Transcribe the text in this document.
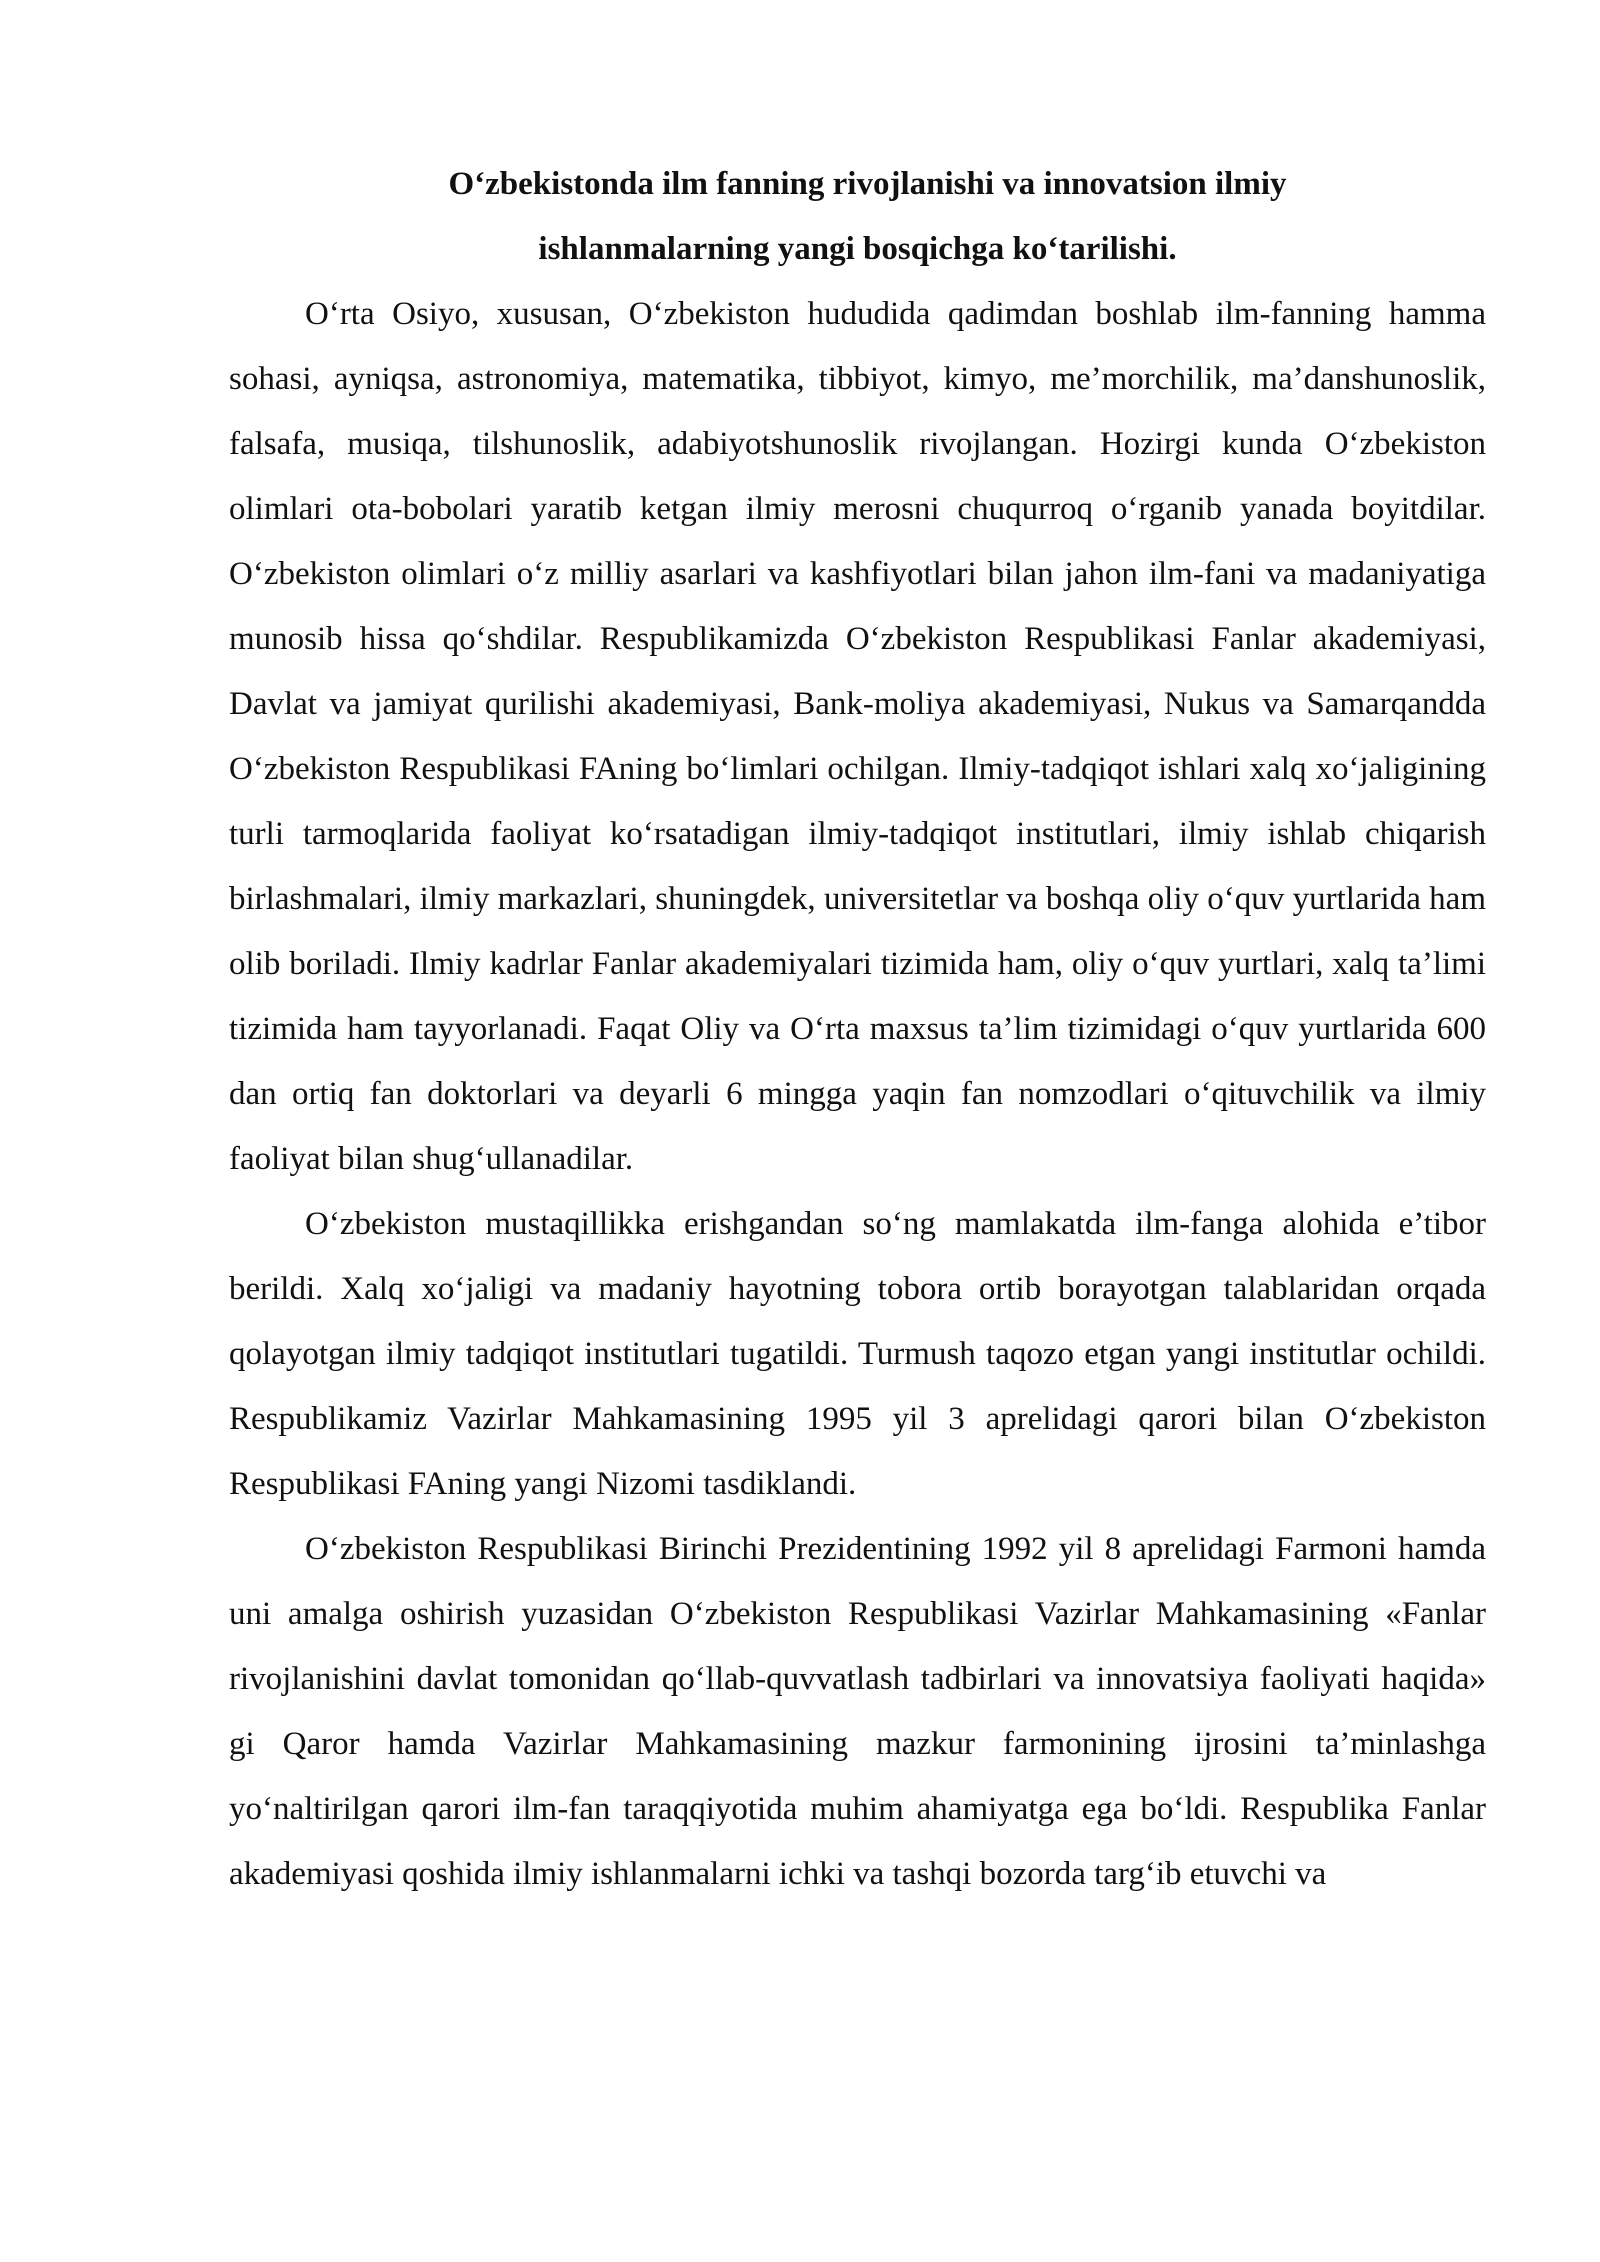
O‘zbekistonda ilm fanning rivojlanishi va innovatsion ilmiy
ishlanmalarning yangi bosqichga ko‘tarilishi.

O‘rta Osiyo, xususan, O‘zbekiston hududida qadimdan boshlab ilm-fanning hamma sohasi, ayniqsa, astronomiya, matematika, tibbiyot, kimyo, me’morchilik, ma’danshunoslik, falsafa, musiqa, tilshunoslik, adabiyotshunoslik rivojlangan. Hozirgi kunda O‘zbekiston olimlari ota-bobolari yaratib ketgan ilmiy merosni chuqurroq o‘rganib yanada boyitdilar. O‘zbekiston olimlari o‘z milliy asarlari va kashfiyotlari bilan jahon ilm-fani va madaniyatiga munosib hissa qo‘shdilar. Respublikamizda O‘zbekiston Respublikasi Fanlar akademiyasi, Davlat va jamiyat qurilishi akademiyasi, Bank-moliya akademiyasi, Nukus va Samarqandda O‘zbekiston Respublikasi FAning bo‘limlari ochilgan. Ilmiy-tadqiqot ishlari xalq xo‘jaligining turli tarmoqlarida faoliyat ko‘rsatadigan ilmiy-tadqiqot institutlari, ilmiy ishlab chiqarish birlashmalari, ilmiy markazlari, shuningdek, universitetlar va boshqa oliy o‘quv yurtlarida ham olib boriladi. Ilmiy kadrlar Fanlar akademiyalari tizimida ham, oliy o‘quv yurtlari, xalq ta’limi tizimida ham tayyorlanadi. Faqat Oliy va O‘rta maxsus ta’lim tizimidagi o‘quv yurtlarida 600 dan ortiq fan doktorlari va deyarli 6 mingga yaqin fan nomzodlari o‘qituvchilik va ilmiy faoliyat bilan shug‘ullanadilar.

O‘zbekiston mustaqillikka erishgandan so‘ng mamlakatda ilm-fanga alohida e’tibor berildi. Xalq xo‘jaligi va madaniy hayotning tobora ortib borayotgan talablaridan orqada qolayotgan ilmiy tadqiqot institutlari tugatildi. Turmush taqozo etgan yangi institutlar ochildi. Respublikamiz Vazirlar Mahkamasining 1995 yil 3 aprelidagi qarori bilan O‘zbekiston Respublikasi FAning yangi Nizomi tasdiklandi.

O‘zbekiston Respublikasi Birinchi Prezidentining 1992 yil 8 aprelidagi Farmoni hamda uni amalga oshirish yuzasidan O‘zbekiston Respublikasi Vazirlar Mahkamasining «Fanlar rivojlanishini davlat tomonidan qo‘llab-quvvatlash tadbirlari va innovatsiya faoliyati haqida» gi Qaror hamda Vazirlar Mahkamasining mazkur farmonining ijrosini ta’minlashga yo‘naltirilgan qarori ilm-fan taraqqiyotida muhim ahamiyatga ega bo‘ldi. Respublika Fanlar akademiyasi qoshida ilmiy ishlanmalarni ichki va tashqi bozorda targ‘ib etuvchi va
